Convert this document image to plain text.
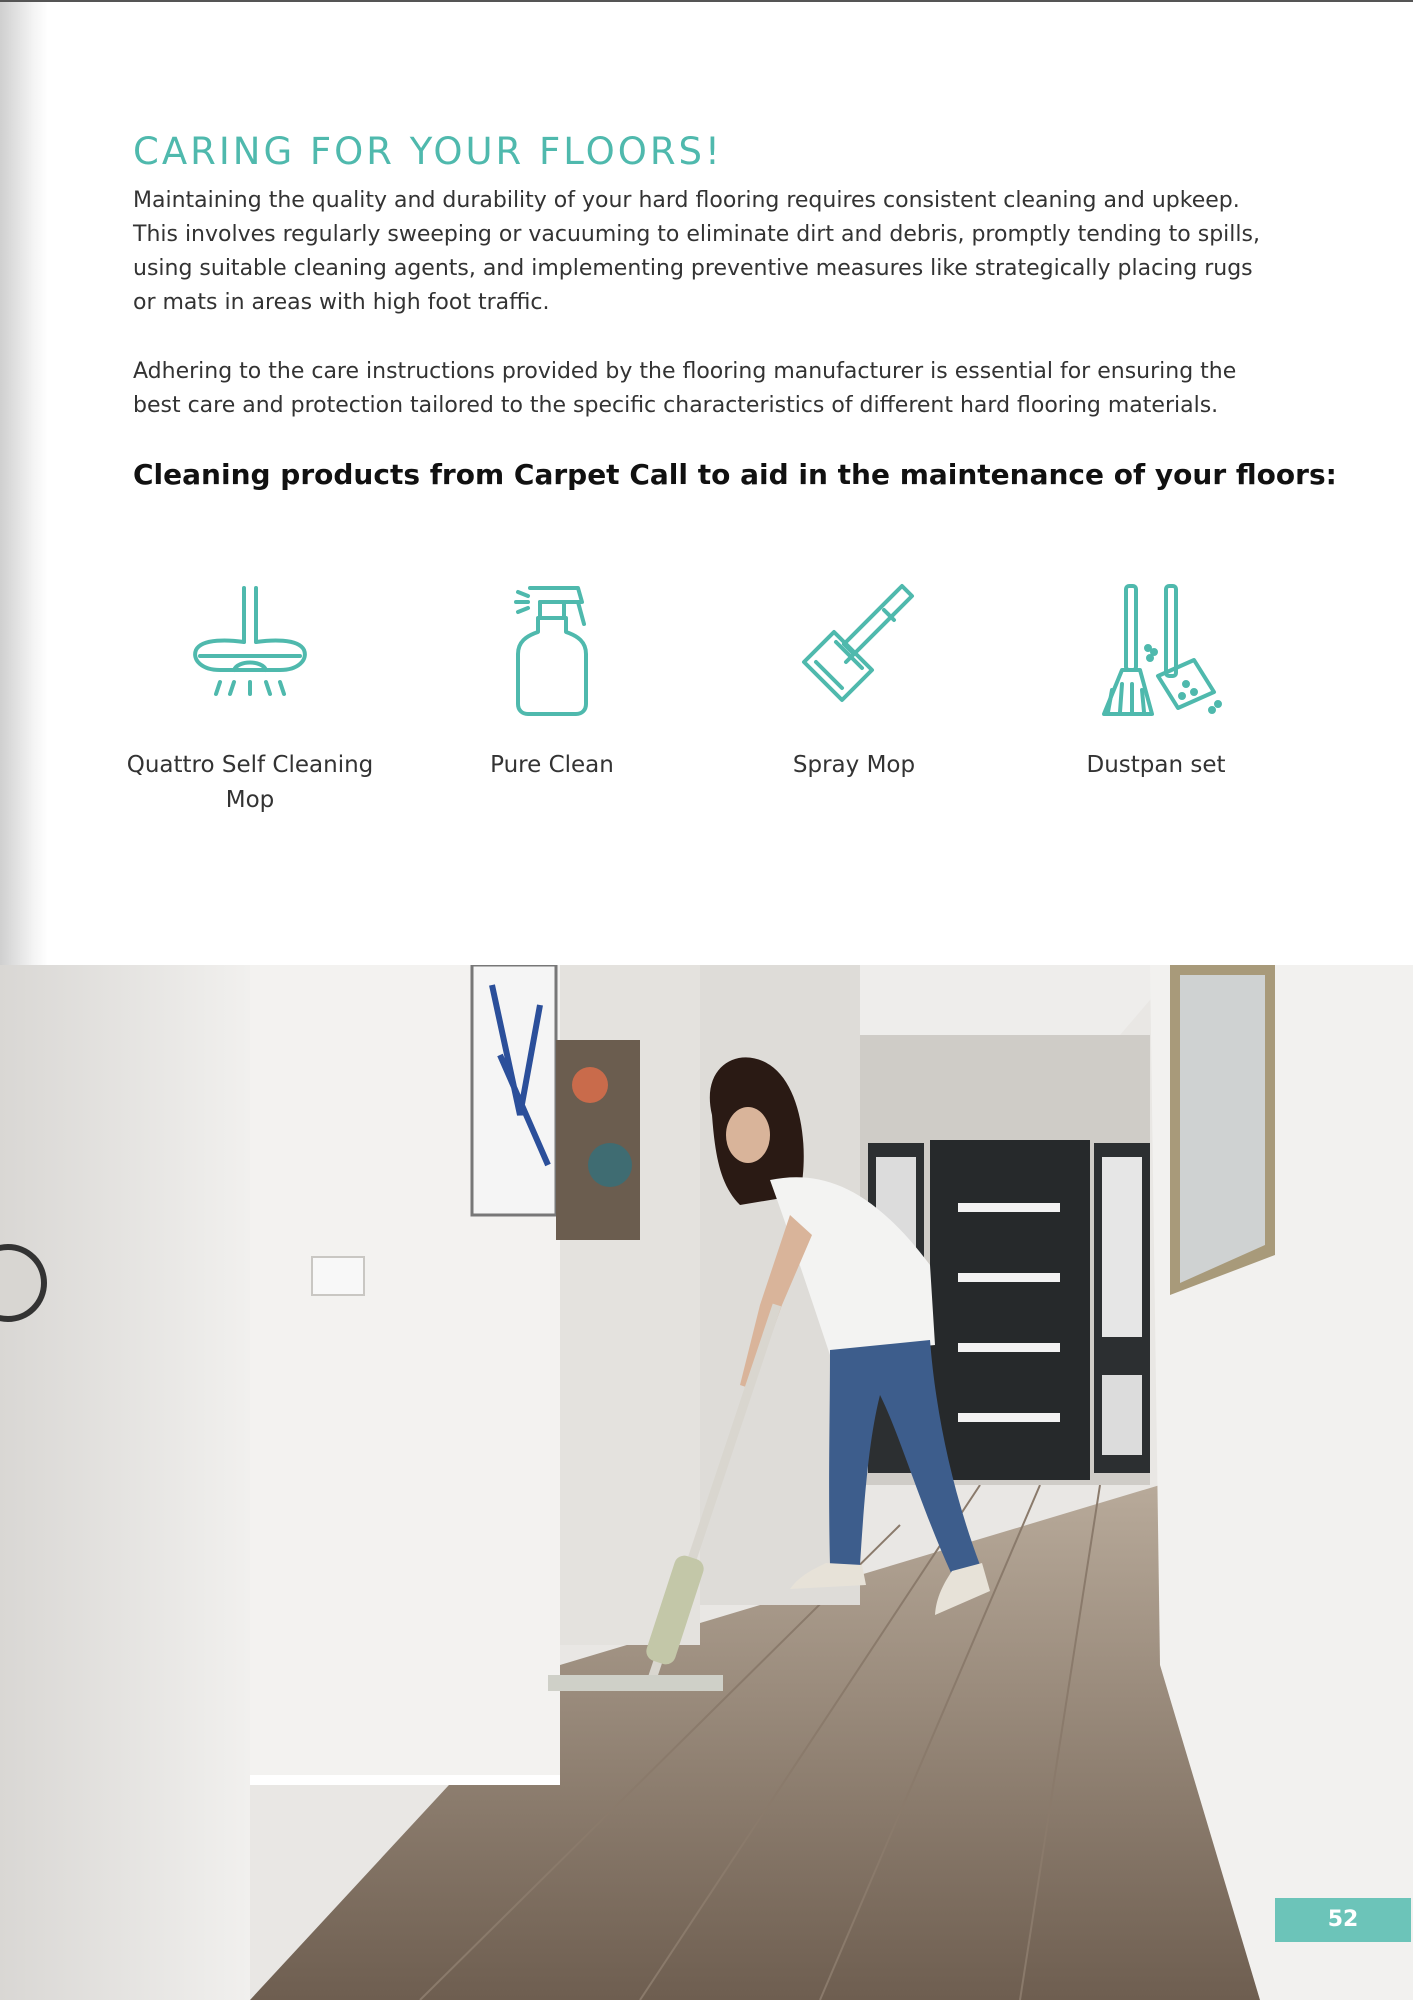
CARING FOR YOUR FLOORS!

Maintaining the quality and durability of your hard flooring requires consistent cleaning and upkeep. This involves regularly sweeping or vacuuming to eliminate dirt and debris, promptly tending to spills, using suitable cleaning agents, and implementing preventive measures like strategically placing rugs or mats in areas with high foot traffic.

Adhering to the care instructions provided by the flooring manufacturer is essential for ensuring the best care and protection tailored to the specific characteristics of different hard flooring materials.

Cleaning products from Carpet Call to aid in the maintenance of your floors:
Quattro Self Cleaning Mop
Pure Clean	Spray Mop	Dustpan set
52
